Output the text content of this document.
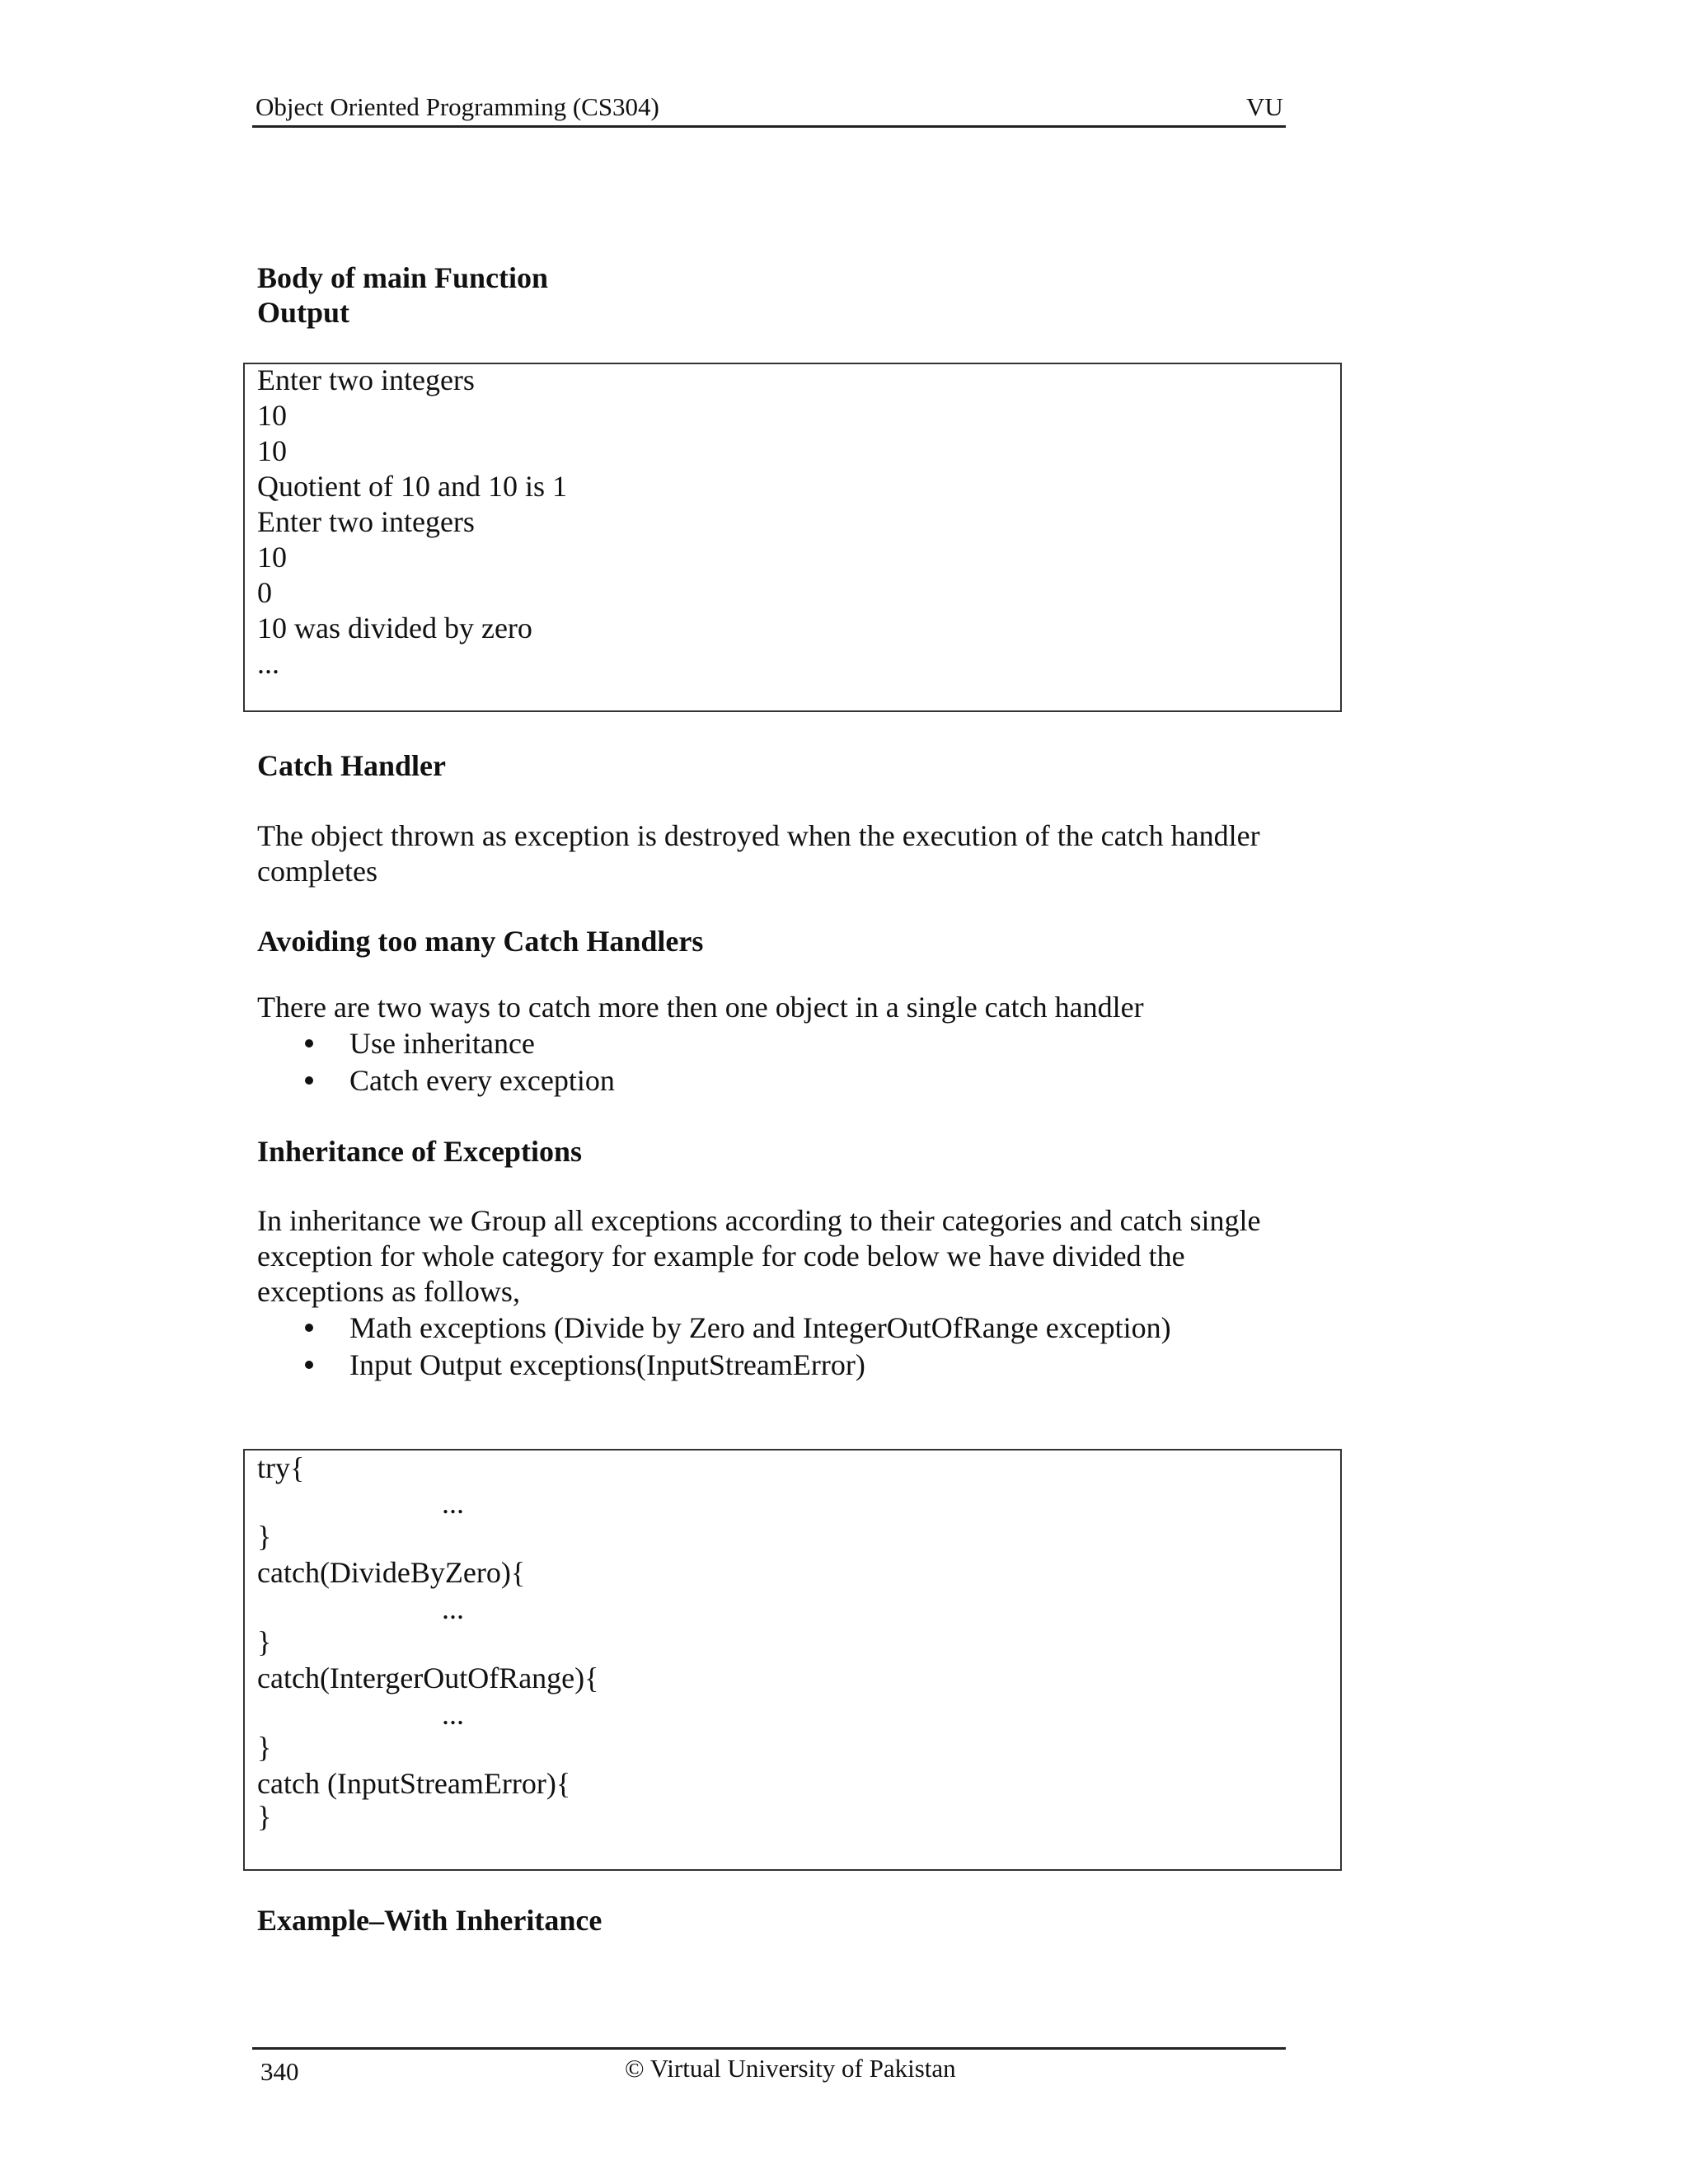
Object Oriented Programming (CS304)	VU
Body of main Function
Output
Enter two integers
10
10
Quotient of 10 and 10 is 1
Enter two integers
10
0
10 was divided by zero
...
Catch Handler
The object thrown as exception is destroyed when the execution of the catch handler
completes
Avoiding too many Catch Handlers
There are two ways to catch more then one object in a single catch handler
Use inheritance
Catch every exception
Inheritance of Exceptions
In inheritance we Group all exceptions according to their categories and catch single
exception for whole category for example for code below we have divided the
exceptions as follows,
Math exceptions (Divide by Zero and IntegerOutOfRange exception)
Input Output exceptions(InputStreamError)
try{
...
}
catch(DivideByZero){
...
}
catch(IntergerOutOfRange){
...
}
catch (InputStreamError){
}
Example–With Inheritance
340	© Virtual University of Pakistan
